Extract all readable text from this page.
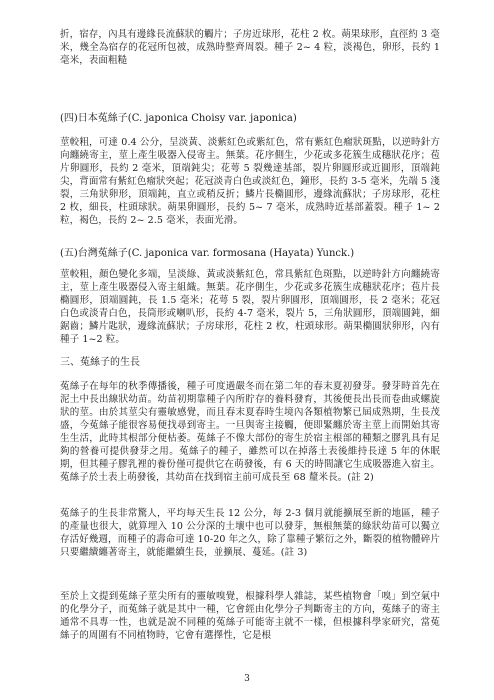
折，宿存，內具有邊緣長流蘇狀的觸片；子房近球形，花柱 2 枚。蒴果球形，直徑約 3 毫米，幾全為宿存的花冠所包被，成熟時整齊周裂。種子 2~ 4 粒，淡褐色，卵形，長約 1 毫米，表面粗糙

(四)日本菟絲子(C. japonica Choisy var. japonica)

莖較粗，可達 0.4 公分，呈淡黃、淡紫紅色或紫紅色，常有紫紅色瘤狀斑點，以逆時針方向纏繞寄主，莖上產生吸器入侵寄主。無葉。花序側生，少花或多花簇生成穗狀花序；苞片卵圓形，長約 2 毫米，頂端鈍尖；花萼 5 裂幾達基部，裂片卵圓形或近圓形，頂端鈍尖，背面常有紫紅色瘤狀突起；花冠淡青白色或淡紅色，鐘形，長約 3-5 毫米，先端 5 淺裂，三角狀卵形，頂端鈍，直立或稍反折；鱗片長橢圓形，邊緣流蘇狀；子房球形，花柱 2 枚，細長，柱頭球狀。蒴果卵圓形，長約 5~ 7 毫米，成熟時近基部蓋裂。種子 1~ 2 粒，褐色，長約 2~ 2.5 毫米，表面光滑。

(五)台灣菟絲子(C. japonica var. formosana (Hayata) Yunck.)

莖較粗，顏色變化多端，呈淡綠、黃或淡紫紅色，常具紫紅色斑點，以逆時針方向纏繞寄主，莖上產生吸器侵入寄主組織。無葉。花序側生，少花或多花簇生成穗狀花序；苞片長橢圓形，頂端圓鈍，長 1.5 毫米；花萼 5 裂，裂片卵圓形，頂端圓形，長 2 毫米；花冠白色或淡青白色，長筒形或喇叭形，長約 4-7 毫米，裂片 5，三角狀圓形，頂端圓鈍，細鋸齒；鱗片匙狀，邊緣流蘇狀；子房球形，花柱 2 枚，柱頭球形。蒴果橢圓狀卵形，內有種子 1~2 粒。

三、菟絲子的生長

菟絲子在每年的秋季傳播後，種子可度過嚴冬而在第二年的春末夏初發芽。發芽時首先在泥土中長出線狀幼苗。幼苗初期靠種子內所貯存的養料發育，其後便長出長而卷曲或螺旋狀的莖。由於其莖尖有靈敏感覺，而且春末夏春時生境內各類植物繁已屆成熟期，生長茂盛，今菟絲子能很容易便找尋到寄主。一旦與寄主接觸，便即緊纏於寄主莖上而開始其寄生生活，此時其根部分便枯萎。菟絲子不像大部份的寄生於宿主根部的種類之膠乳具有足夠的營養可提供發芽之用。菟絲子的種子，雖然可以在掉落土表後維持長達 5 年的休眠期，但其種子膠乳裡的養份僅可提供它在萌發後，有 6 天的時間讓它生成吸器進入宿主。菟絲子於土表上萌發後，其幼苗在找到宿主前可成長至 68 釐米長。(註 2)

菟絲子的生長非常驚人，平均每天生長 12 公分，每 2-3 個月就能擴展至新的地區，種子的產量也很大，就算埋入 10 公分深的土壤中也可以發芽，無根無葉的綠狀幼苗可以獨立存活好幾週，而種子的壽命可達 10-20 年之久，除了靠種子繁衍之外，斷裂的植物體碎片只要繼續纏著寄主，就能繼續生長，並擴展、蔓延。(註 3)

至於上文提到菟絲子莖尖所有的靈敏嗅覺，根據科學人雜誌，某些植物會「嗅」到空氣中的化學分子，而菟絲子就是其中一種，它會經由化學分子判斷寄主的方向，菟絲子的寄主通常不具專一性，也就是說不同種的菟絲子可能寄主就不一樣，但根據科學家研究，當菟絲子的周圍有不同植物時，它會有選擇性，它是根

3
